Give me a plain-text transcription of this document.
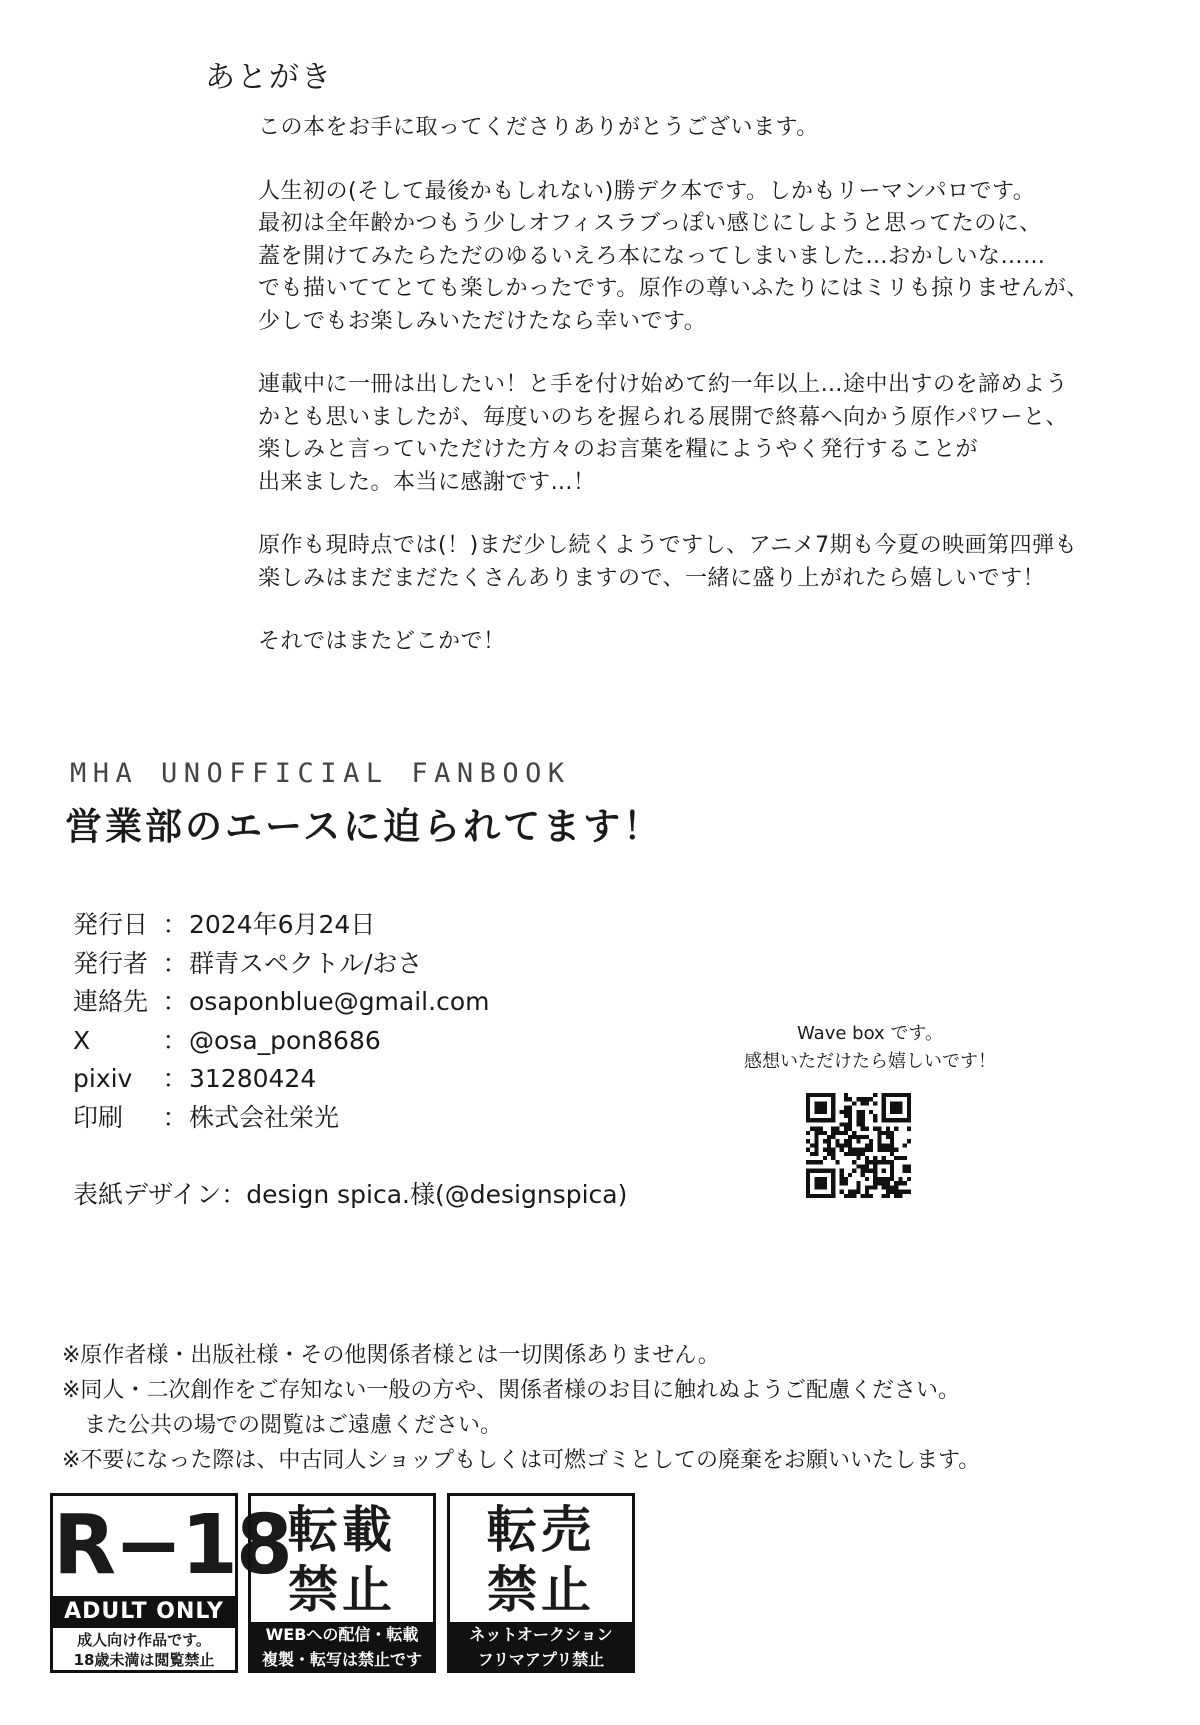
あとがき

この本をお手に取ってくださりありがとうございます。

人生初の(そして最後かもしれない)勝デク本です。しかもリーマンパロです。
最初は全年齢かつもう少しオフィスラブっぽい感じにしようと思ってたのに、
蓋を開けてみたらただのゆるいえろ本になってしまいました…おかしいな……
でも描いててとても楽しかったです。原作の尊いふたりにはミリも掠りませんが、
少しでもお楽しみいただけたなら幸いです。

連載中に一冊は出したい！と手を付け始めて約一年以上…途中出すのを諦めよう
かとも思いましたが、毎度いのちを握られる展開で終幕へ向かう原作パワーと、
楽しみと言っていただけた方々のお言葉を糧にようやく発行することが
出来ました。本当に感謝です…！

原作も現時点では(！)まだ少し続くようですし、アニメ7期も今夏の映画第四弾も
楽しみはまだまだたくさんありますので、一緒に盛り上がれたら嬉しいです！

それではまたどこかで！

MHA UNOFFICIAL FANBOOK
営業部のエースに迫られてます！
発行日 ：2024年6月24日
発行者 ：群青スペクトル/おさ
連絡先 ：osaponblue@gmail.com
X	：@osa_pon8686
pixiv ：31280424
印刷 ：株式会社栄光
表紙デザイン：design spica.様(@designspica)
Wave box です。
感想いただけたら嬉しいです！
※原作者様・出版社様・その他関係者様とは一切関係ありません。
※同人・二次創作をご存知ない一般の方や、関係者様のお目に触れぬようご配慮ください。
　また公共の場での閲覧はご遠慮ください。
※不要になった際は、中古同人ショップもしくは可燃ゴミとしての廃棄をお願いいたします。
R−18
ADULT ONLY
成人向け作品です。
18歳未満は閲覧禁止
転載
禁止
WEBへの配信・転載
複製・転写は禁止です
転売
禁止
ネットオークション
フリマアプリ禁止
